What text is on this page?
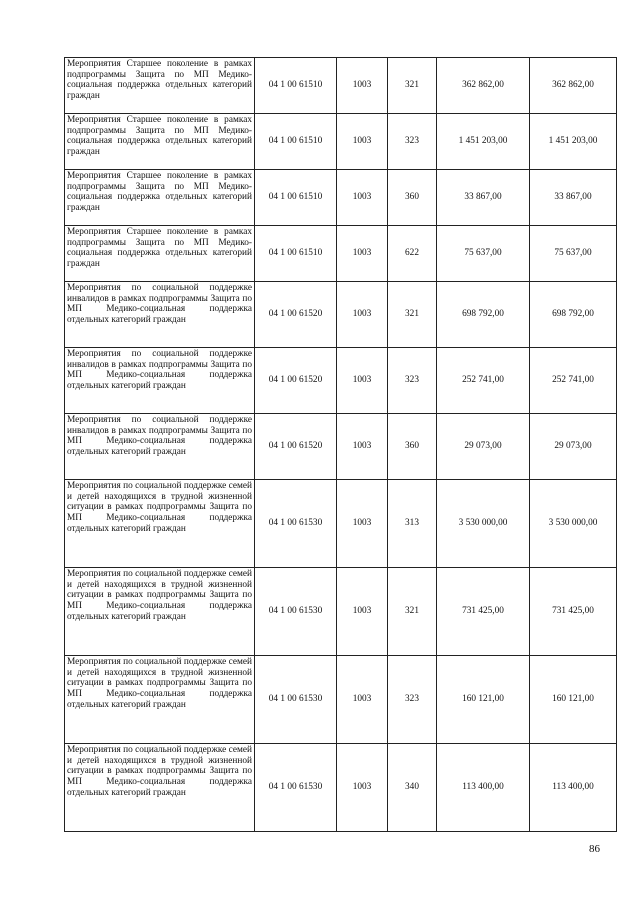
Мероприятия Старшее поколение в рамках подпрограммы Защита по МП Медико-социальная поддержка отдельных категорий граждан	04 1 00 61510	1003	321	362 862,00	362 862,00
Мероприятия Старшее поколение в рамках подпрограммы Защита по МП Медико-социальная поддержка отдельных категорий граждан	04 1 00 61510	1003	323	1 451 203,00	1 451 203,00
Мероприятия Старшее поколение в рамках подпрограммы Защита по МП Медико-социальная поддержка отдельных категорий граждан	04 1 00 61510	1003	360	33 867,00	33 867,00
Мероприятия Старшее поколение в рамках подпрограммы Защита по МП Медико-социальная поддержка отдельных категорий граждан	04 1 00 61510	1003	622	75 637,00	75 637,00
Мероприятия по социальной поддержке инвалидов в рамках подпрограммы Защита по МП Медико-социальная поддержка отдельных категорий граждан	04 1 00 61520	1003	321	698 792,00	698 792,00
Мероприятия по социальной поддержке инвалидов в рамках подпрограммы Защита по МП Медико-социальная поддержка отдельных категорий граждан	04 1 00 61520	1003	323	252 741,00	252 741,00
Мероприятия по социальной поддержке инвалидов в рамках подпрограммы Защита по МП Медико-социальная поддержка отдельных категорий граждан	04 1 00 61520	1003	360	29 073,00	29 073,00
Мероприятия по социальной поддержке семей и детей находящихся в трудной жизненной ситуации в рамках подпрограммы Защита по МП Медико-социальная поддержка отдельных категорий граждан	04 1 00 61530	1003	313	3 530 000,00	3 530 000,00
Мероприятия по социальной поддержке семей и детей находящихся в трудной жизненной ситуации в рамках подпрограммы Защита по МП Медико-социальная поддержка отдельных категорий граждан	04 1 00 61530	1003	321	731 425,00	731 425,00
Мероприятия по социальной поддержке семей и детей находящихся в трудной жизненной ситуации в рамках подпрограммы Защита по МП Медико-социальная поддержка отдельных категорий граждан	04 1 00 61530	1003	323	160 121,00	160 121,00
Мероприятия по социальной поддержке семей и детей находящихся в трудной жизненной ситуации в рамках подпрограммы Защита по МП Медико-социальная поддержка отдельных категорий граждан	04 1 00 61530	1003	340	113 400,00	113 400,00
86
